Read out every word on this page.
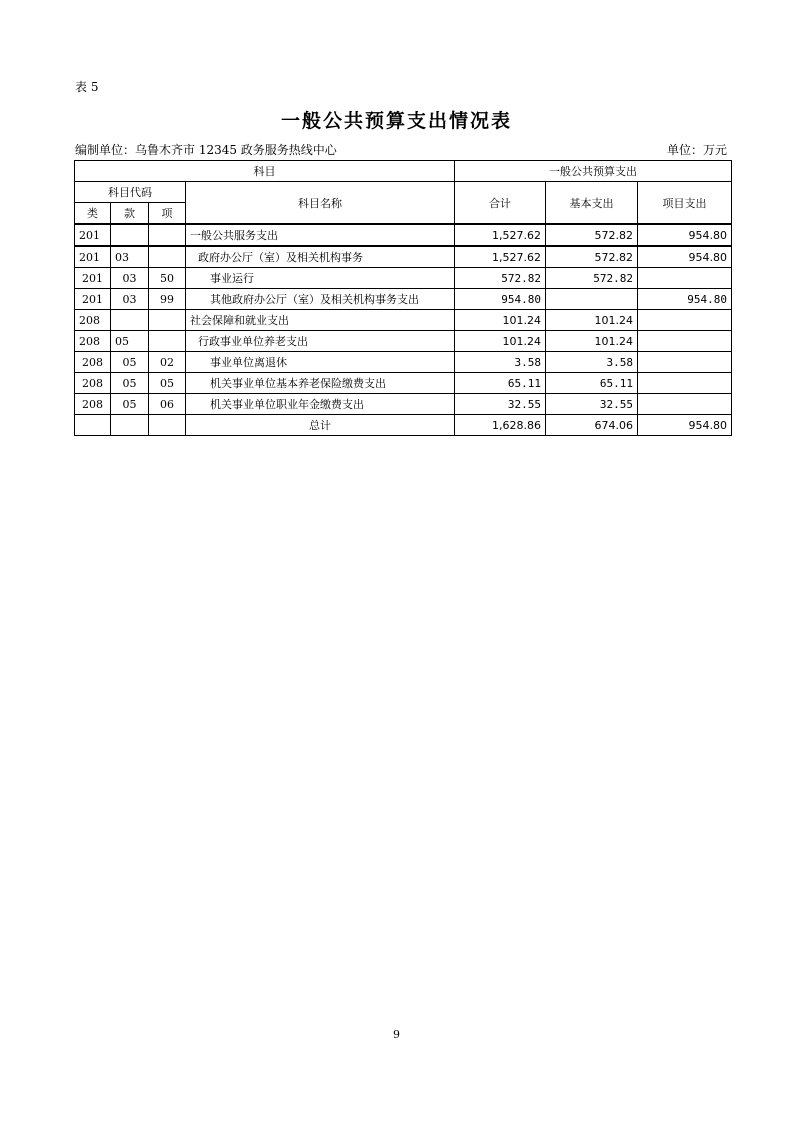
表 5
一般公共预算支出情况表
编制单位：乌鲁木齐市 12345 政务服务热线中心	单位：万元
科目				一般公共预算支出		
科目代码			科目名称	合计	基本支出	项目支出
类	款	项				
201			一般公共服务支出	1,527.62	572.82	954.80
201	03		政府办公厅（室）及相关机构事务	1,527.62	572.82	954.80
201	03	50	事业运行	572.82	572.82	
201	03	99	其他政府办公厅（室）及相关机构事务支出	954.80		954.80
208			社会保障和就业支出	101.24	101.24	
208	05		行政事业单位养老支出	101.24	101.24	
208	05	02	事业单位离退休	3.58	3.58	
208	05	05	机关事业单位基本养老保险缴费支出	65.11	65.11	
208	05	06	机关事业单位职业年金缴费支出	32.55	32.55	
			总计	1,628.86	674.06	954.80
9
